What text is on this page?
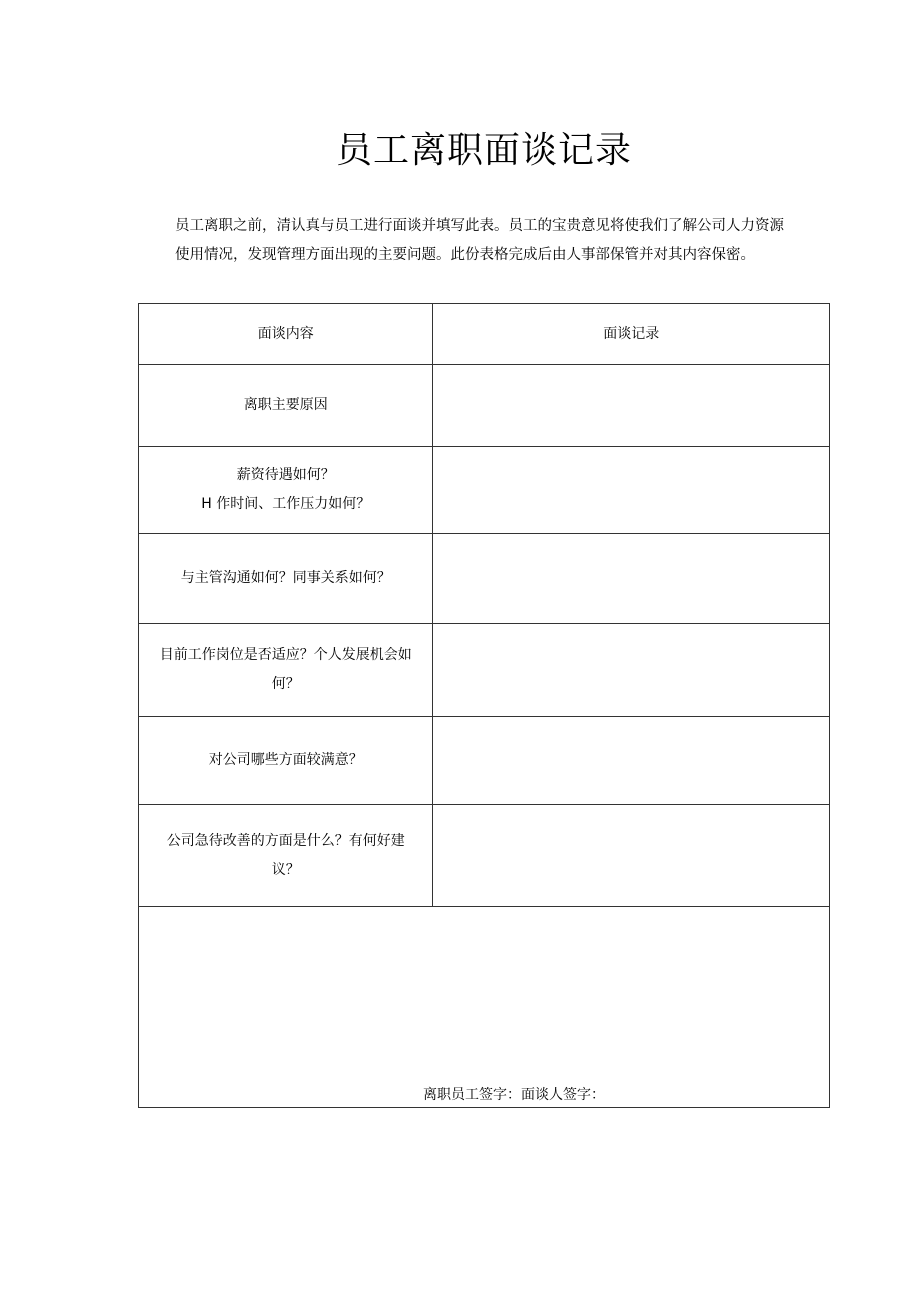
员工离职面谈记录
员工离职之前，清认真与员工进行面谈并填写此表。员工的宝贵意见将使我们了解公司人力资源
使用情况，发现管理方面出现的主要问题。此份表格完成后由人事部保管并对其内容保密。
面谈内容	面谈记录

离职主要原因	

薪资待遇如何？
H 作时间、工作压力如何？	

与主管沟通如何？同事关系如何？	

目前工作岗位是否适应？个人发展机会如
何？	

对公司哪些方面较满意？	

公司急待改善的方面是什么？有何好建
议？	

离职员工签字：面谈人签字：	
